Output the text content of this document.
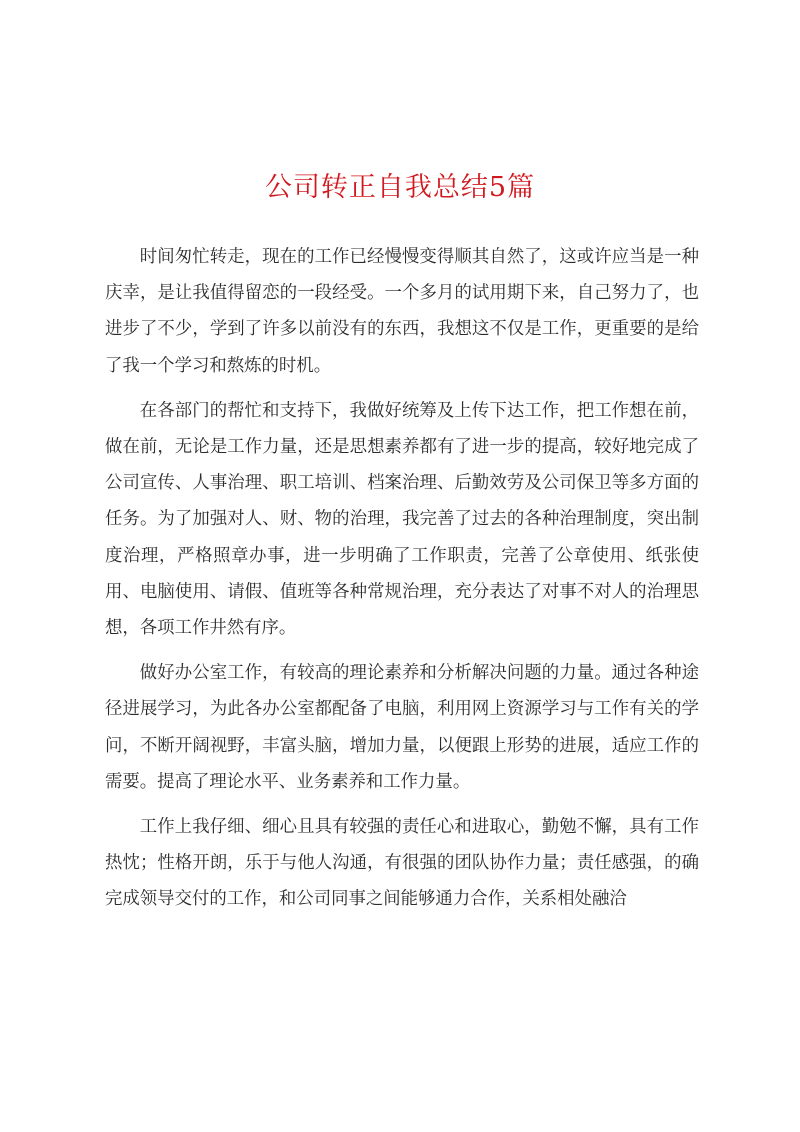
公司转正自我总结5篇

时间匆忙转走，现在的工作已经慢慢变得顺其自然了，这或许应当是一种庆幸，是让我值得留恋的一段经受。一个多月的试用期下来，自己努力了，也进步了不少，学到了许多以前没有的东西，我想这不仅是工作，更重要的是给了我一个学习和熬炼的时机。

在各部门的帮忙和支持下，我做好统筹及上传下达工作，把工作想在前，做在前，无论是工作力量，还是思想素养都有了进一步的提高，较好地完成了公司宣传、人事治理、职工培训、档案治理、后勤效劳及公司保卫等多方面的任务。为了加强对人、财、物的治理，我完善了过去的各种治理制度，突出制度治理，严格照章办事，进一步明确了工作职责，完善了公章使用、纸张使用、电脑使用、请假、值班等各种常规治理，充分表达了对事不对人的治理思想，各项工作井然有序。

做好办公室工作，有较高的理论素养和分析解决问题的力量。通过各种途径进展学习，为此各办公室都配备了电脑，利用网上资源学习与工作有关的学问，不断开阔视野，丰富头脑，增加力量，以便跟上形势的进展，适应工作的需要。提高了理论水平、业务素养和工作力量。

工作上我仔细、细心且具有较强的责任心和进取心，勤勉不懈，具有工作热忱；性格开朗，乐于与他人沟通，有很强的团队协作力量；责任感强，的确完成领导交付的工作，和公司同事之间能够通力合作，关系相处融洽
